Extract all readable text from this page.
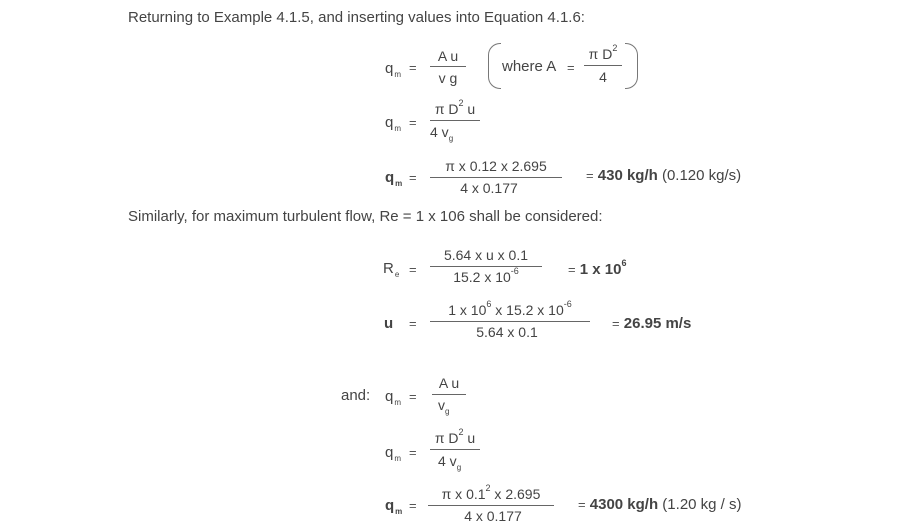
Returning to Example 4.1.5, and inserting values into Equation 4.1.6:
$q_m$ =
A u
v g
where A =
π $D^2$
4
$q_m$ =
π $D^2$ u
4 $v_g$
$q_m$ =
π x 0.12 x 2.695
4 x 0.177
= 430 kg/h (0.120 kg/s)
Similarly, for maximum turbulent flow, Re = 1 x 106 shall be considered:
$R_e$ =
5.64 x u x 0.1
15.2 x $10^{-6}$	= 1 x $10^6$
u =
1 x $10^6$ x 15.2 x $10^{-6}$
5.64 x 0.1
= 26.95 m/s
and: $q_m$ =
A u
$v_g$
$q_m$ =
π $D^2$ u
4 $v_g$
$q_m$ =
π x $0.1^2$ x 2.695
4 x 0.177
= 4300 kg/h (1.20 kg / s)
